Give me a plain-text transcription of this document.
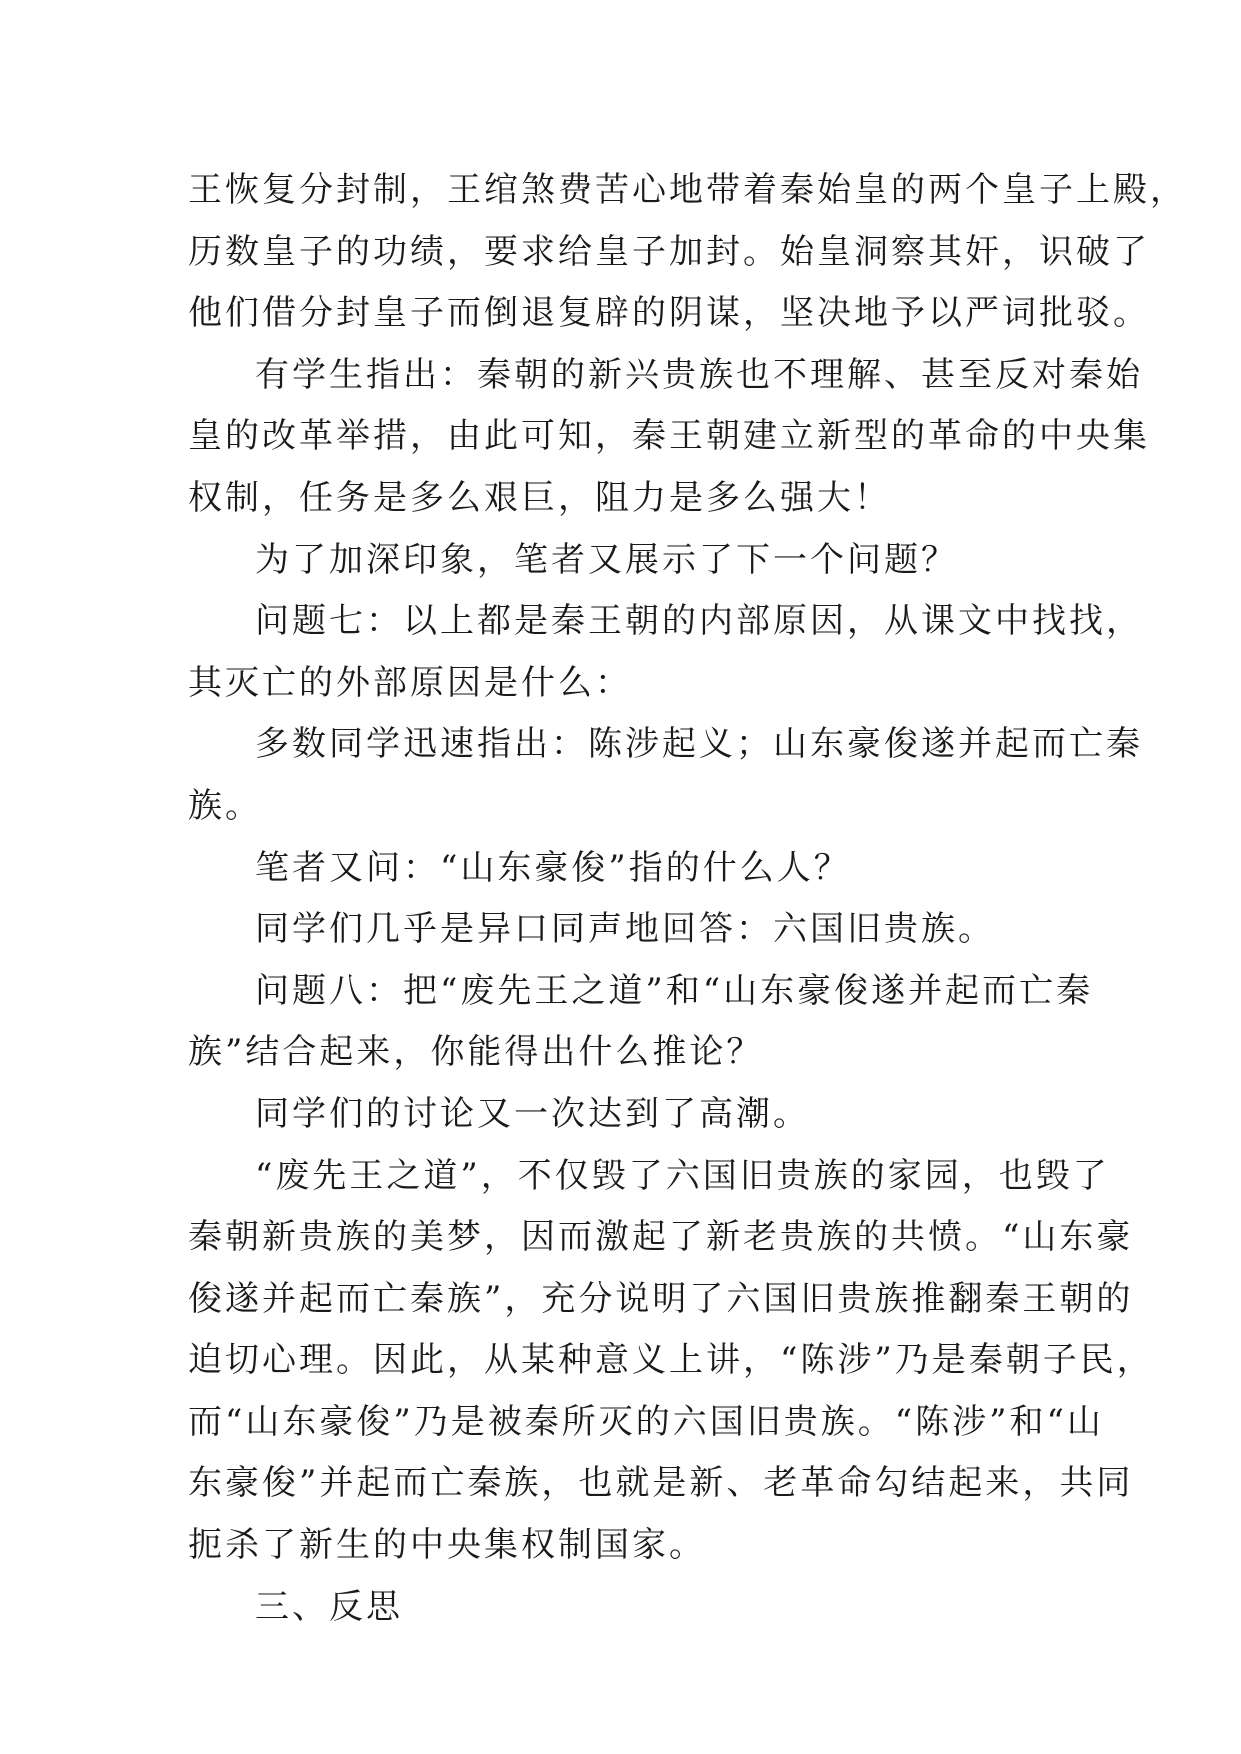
王恢复分封制，王绾煞费苦心地带着秦始皇的两个皇子上殿，
历数皇子的功绩，要求给皇子加封。始皇洞察其奸，识破了
他们借分封皇子而倒退复辟的阴谋，坚决地予以严词批驳。
有学生指出：秦朝的新兴贵族也不理解、甚至反对秦始
皇的改革举措，由此可知，秦王朝建立新型的革命的中央集
权制，任务是多么艰巨，阻力是多么强大！
为了加深印象，笔者又展示了下一个问题？
问题七：以上都是秦王朝的内部原因，从课文中找找，
其灭亡的外部原因是什么：
多数同学迅速指出：陈涉起义；山东豪俊遂并起而亡秦
族。
笔者又问：“山东豪俊”指的什么人？
同学们几乎是异口同声地回答：六国旧贵族。
问题八：把“废先王之道”和“山东豪俊遂并起而亡秦
族”结合起来，你能得出什么推论？
同学们的讨论又一次达到了高潮。
“废先王之道”，不仅毁了六国旧贵族的家园，也毁了
秦朝新贵族的美梦，因而激起了新老贵族的共愤。“山东豪
俊遂并起而亡秦族”，充分说明了六国旧贵族推翻秦王朝的
迫切心理。因此，从某种意义上讲，“陈涉”乃是秦朝子民，
而“山东豪俊”乃是被秦所灭的六国旧贵族。“陈涉”和“山
东豪俊”并起而亡秦族，也就是新、老革命勾结起来，共同
扼杀了新生的中央集权制国家。
三、反思
